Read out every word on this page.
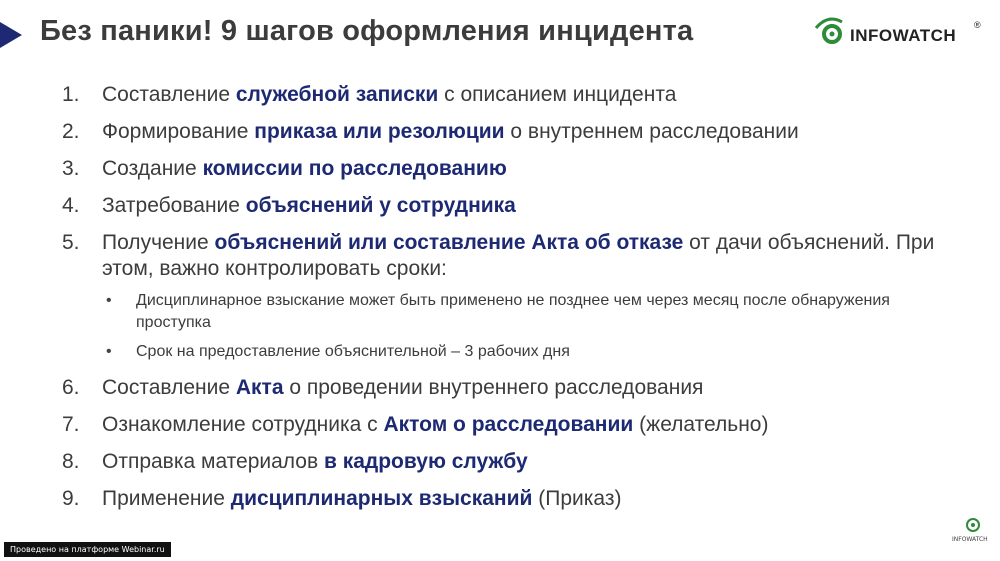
Без паники! 9 шагов оформления инцидента	INFOWATCH
®
1.	Составление служебной записки с описанием инцидента
2.	Формирование приказа или резолюции о внутреннем расследовании
3.	Создание комиссии по расследованию
4.	Затребование объяснений у сотрудника
5.	Получение объяснений или составление Акта об отказе от дачи объяснений. При этом, важно контролировать сроки:
•	Дисциплинарное взыскание может быть применено не позднее чем через месяц после обнаружения проступка
•	Срок на предоставление объяснительной – 3 рабочих дня
6.	Составление Акта о проведении внутреннего расследования
7.	Ознакомление сотрудника с Актом о расследовании (желательно)
8.	Отправка материалов в кадровую службу
9.	Применение дисциплинарных взысканий (Приказ)
Проведено на платформе Webinar.ru
INFOWATCH
